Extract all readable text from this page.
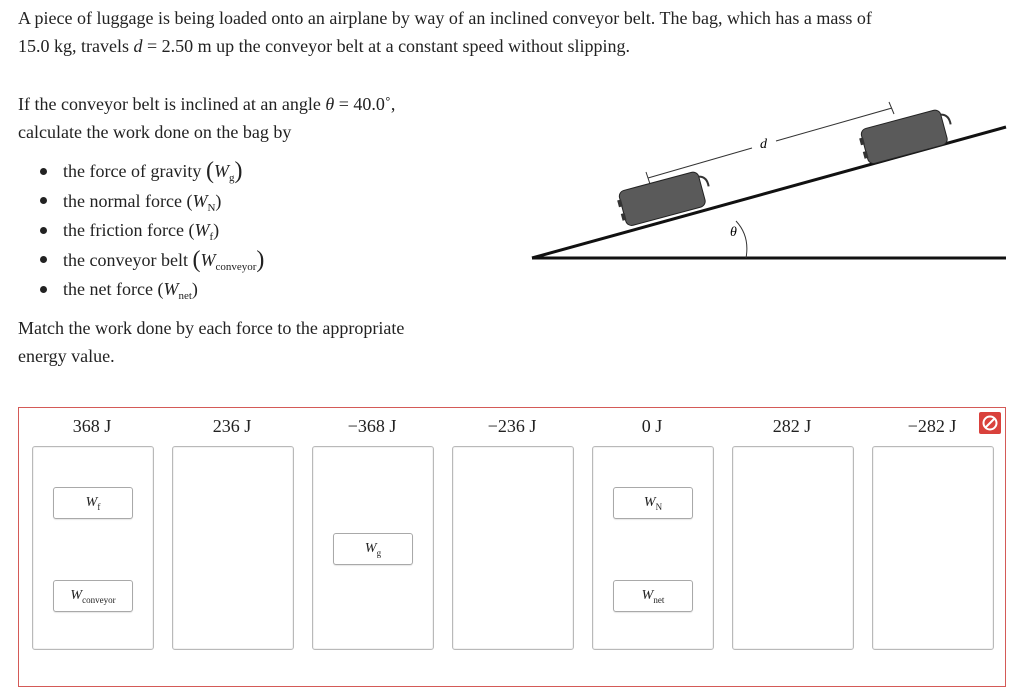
A piece of luggage is being loaded onto an airplane by way of an inclined conveyor belt. The bag, which has a mass of
15.0 kg, travels d = 2.50 m up the conveyor belt at a constant speed without slipping.

If the conveyor belt is inclined at an angle θ = 40.0˚,
calculate the work done on the bag by

the force of gravity $(W_g)$
the normal force $(W_N)$
the friction force $(W_f)$
the conveyor belt $(W_{conveyor})$
the net force $(W_{net})$

Match the work done by each force to the appropriate
energy value.

θ
d
368 J	236 J	−368 J	−236 J	0 J	282 J	−282 J
$W_f$
$W_{conveyor}$
$W_g$
$W_N$
$W_{net}$
